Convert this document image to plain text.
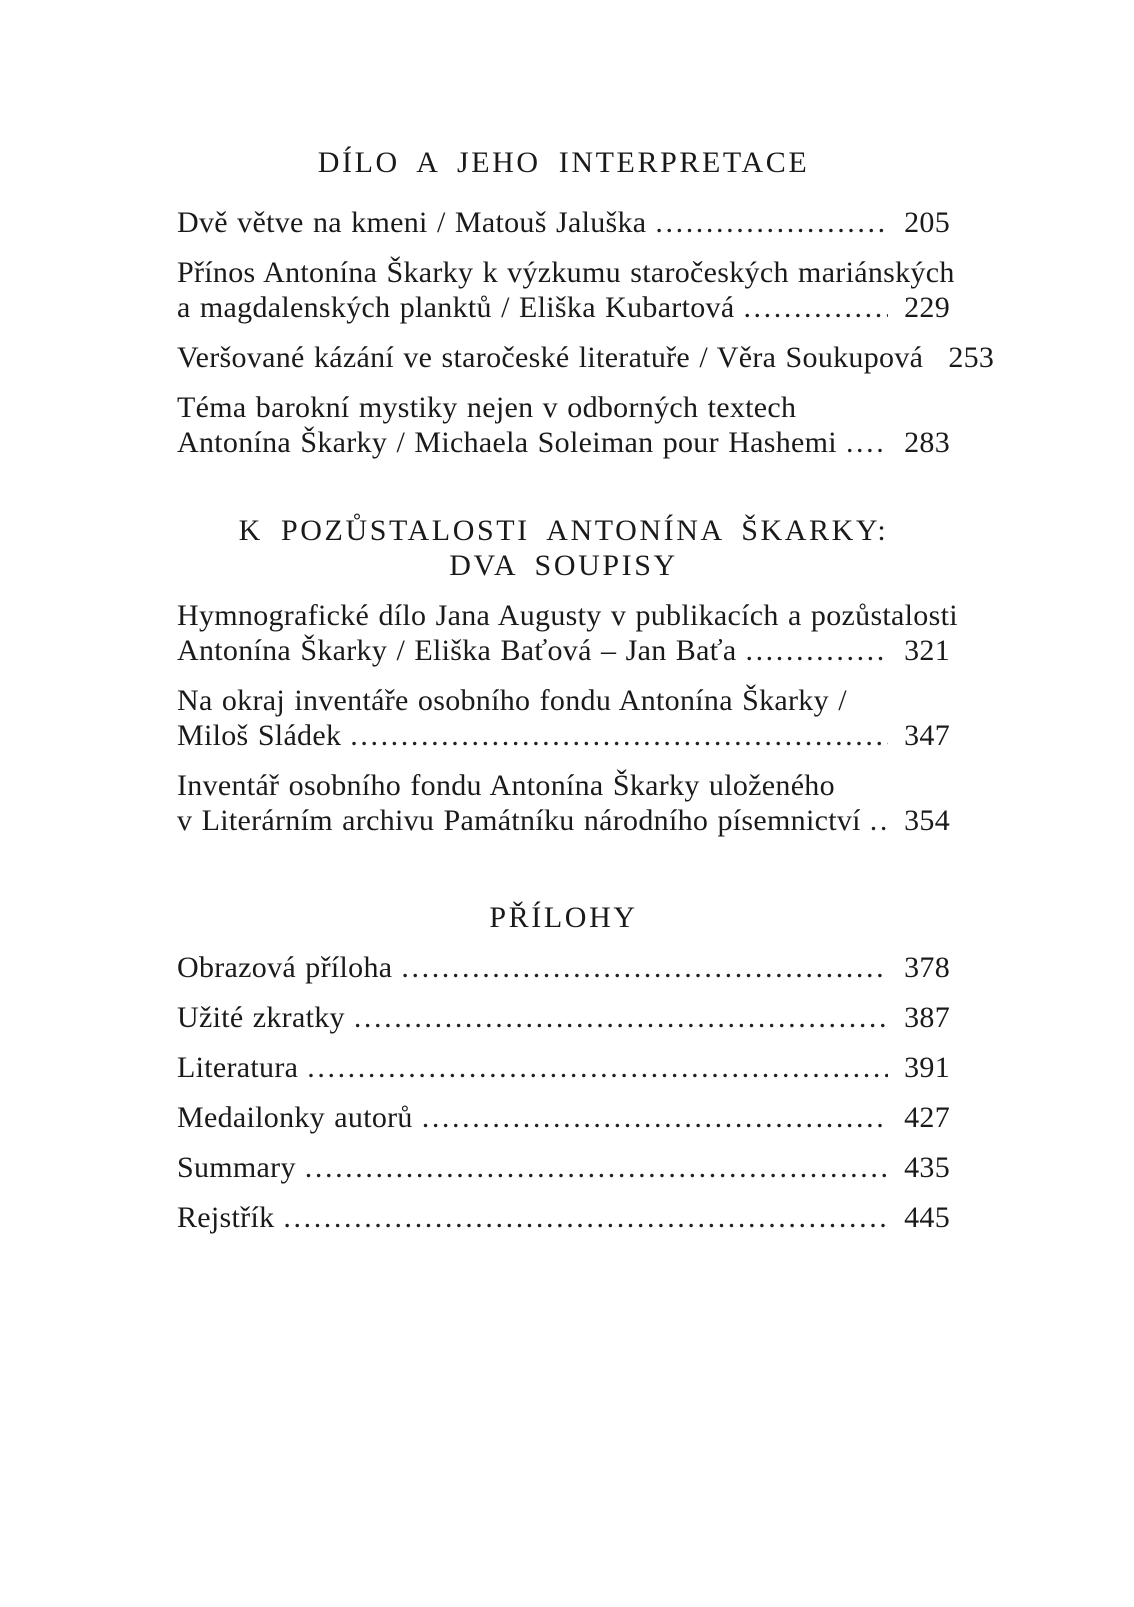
DÍLO A JEHO INTERPRETACE
Dvě větve na kmeni / Matouš Jaluška .....	205
Přínos Antonína Škarky k výzkumu staročeských mariánských
a magdalenských planktů / Eliška Kubartová .....	229
Veršované kázání ve staročeské literatuře / Věra Soukupová 253
Téma barokní mystiky nejen v odborných textech
Antonína Škarky / Michaela Soleiman pour Hashemi ..... 283
K POZŮSTALOSTI ANTONÍNA ŠKARKY:
DVA SOUPISY
Hymnografické dílo Jana Augusty v publikacích a pozůstalosti
Antonína Škarky / Eliška Baťová – Jan Baťa .....	321
Na okraj inventáře osobního fondu Antonína Škarky /
Miloš Sládek .....	347
Inventář osobního fondu Antonína Škarky uloženého
v Literárním archivu Památníku národního písemnictví ..... 354
PŘÍLOHY
Obrazová příloha .....	378
Užité zkratky .....	387
Literatura .....	391
Medailonky autorů .....	427
Summary .....	435
Rejstřík .....	445
